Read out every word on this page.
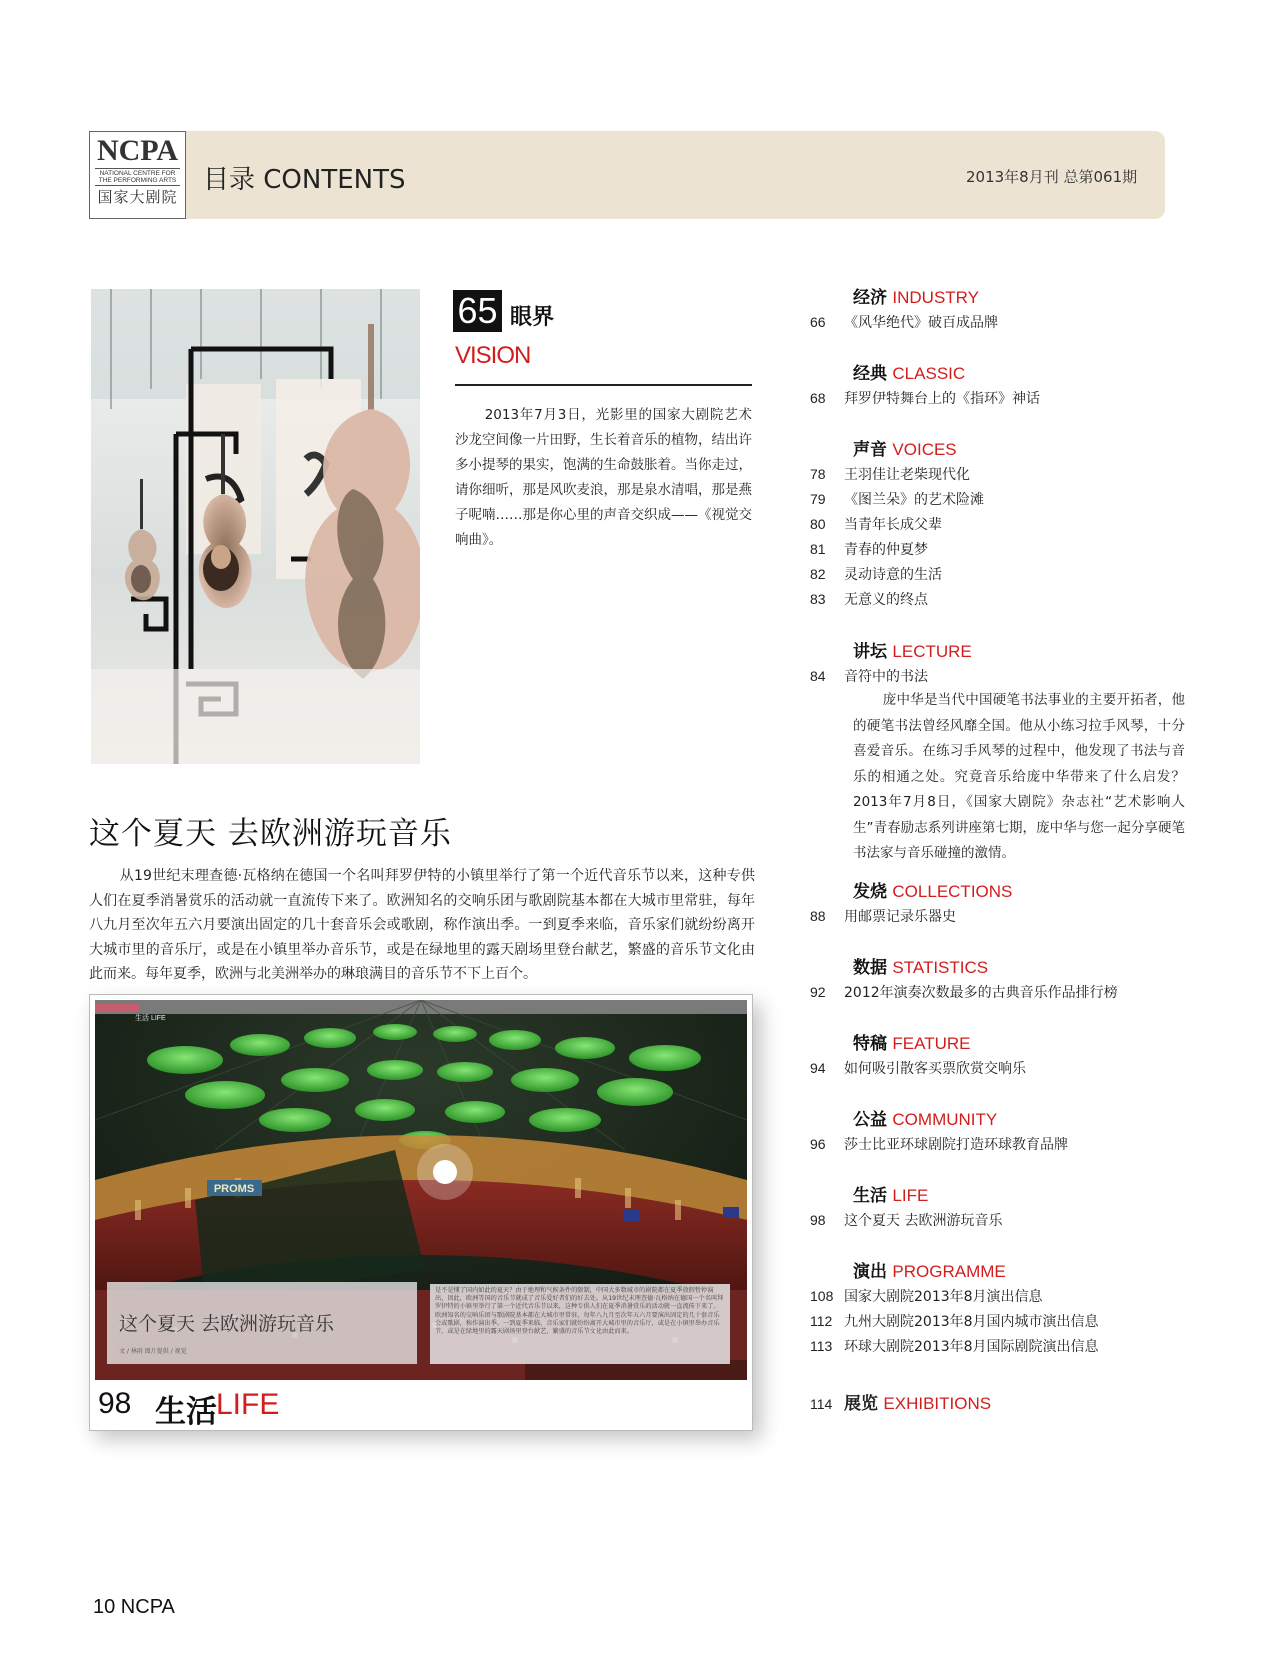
NCPA
NATIONAL CENTRE FOR
THE PERFORMING ARTS
国家大剧院
目录 CONTENTS	2013年8月刊 总第061期
65 眼界
VISION
2013年7月3日，光影里的国家大剧院艺术沙龙空间像一片田野，生长着音乐的植物，结出许多小提琴的果实，饱满的生命鼓胀着。当你走过，请你细听，那是风吹麦浪，那是泉水清唱，那是燕子呢喃……那是你心里的声音交织成——《视觉交响曲》。
这个夏天 去欧洲游玩音乐
从19世纪末理查德·瓦格纳在德国一个名叫拜罗伊特的小镇里举行了第一个近代音乐节以来，这种专供人们在夏季消暑赏乐的活动就一直流传下来了。欧洲知名的交响乐团与歌剧院基本都在大城市里常驻，每年八九月至次年五六月要演出固定的几十套音乐会或歌剧，称作演出季。一到夏季来临，音乐家们就纷纷离开大城市里的音乐厅，或是在小镇里举办音乐节，或是在绿地里的露天剧场里登台献艺，繁盛的音乐节文化由此而来。每年夏季，欧洲与北美洲举办的琳琅满目的音乐节不下上百个。
PROMS
生活 LIFE
这个夏天 去欧洲游玩音乐
文 / 林雨 图片提供 / 视觉
是不是懂了国内如此的夏天？由于地理和气候条件的限制，中国大多数城市的剧院都在夏季放假暂停演出，因此，欧洲等国的音乐节就成了音乐爱好者们的好去处。从19世纪末理查德·瓦格纳在德国一个名叫拜罗伊特的小镇里举行了第一个近代音乐节以来，这种专供人们在夏季消暑赏乐的活动就一直流传下来了。欧洲知名的交响乐团与歌剧院基本都在大城市里常驻，每年八九月至次年五六月要演出固定的几十套音乐会或歌剧，称作演出季。一到夏季来临，音乐家们就纷纷离开大城市里的音乐厅，或是在小镇里举办音乐节，或是在绿地里的露天剧场里登台献艺，繁盛的音乐节文化由此而来。
98 生活 LIFE
经济 INDUSTRY
66 《风华绝代》破百成品牌
经典 CLASSIC
68 拜罗伊特舞台上的《指环》神话
声音 VOICES
78 王羽佳让老柴现代化
79 《图兰朵》的艺术险滩
80 当青年长成父辈
81 青春的仲夏梦
82 灵动诗意的生活
83 无意义的终点
讲坛 LECTURE
84 音符中的书法
庞中华是当代中国硬笔书法事业的主要开拓者，他的硬笔书法曾经风靡全国。他从小练习拉手风琴，十分喜爱音乐。在练习手风琴的过程中，他发现了书法与音乐的相通之处。究竟音乐给庞中华带来了什么启发？2013年7月8日，《国家大剧院》杂志社“艺术影响人生”青春励志系列讲座第七期，庞中华与您一起分享硬笔书法家与音乐碰撞的激情。
发烧 COLLECTIONS
88 用邮票记录乐器史
数据 STATISTICS
92 2012年演奏次数最多的古典音乐作品排行榜
特稿 FEATURE
94 如何吸引散客买票欣赏交响乐
公益 COMMUNITY
96 莎士比亚环球剧院打造环球教育品牌
生活 LIFE
98 这个夏天 去欧洲游玩音乐
演出 PROGRAMME
108 国家大剧院2013年8月演出信息
112 九州大剧院2013年8月国内城市演出信息
113 环球大剧院2013年8月国际剧院演出信息
114 展览 EXHIBITIONS
10 NCPA
